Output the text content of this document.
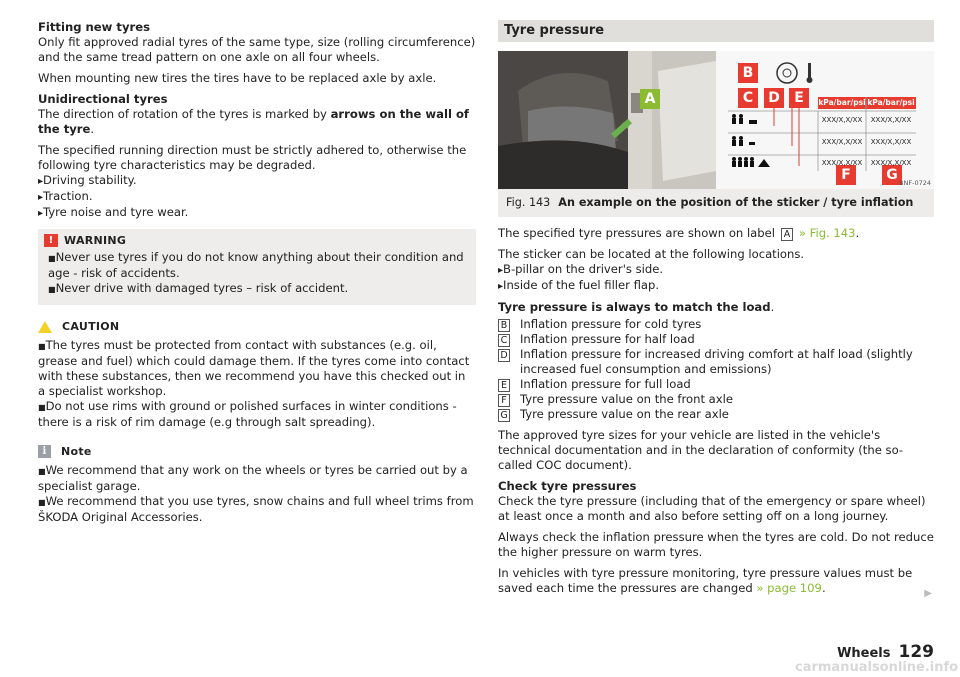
Fitting new tyres

Only fit approved radial tyres of the same type, size (rolling circumference) and the same tread pattern on one axle on all four wheels.

When mounting new tires the tires have to be replaced axle by axle.

Unidirectional tyres

The direction of rotation of the tyres is marked by arrows on the wall of the tyre.

The specified running direction must be strictly adhered to, otherwise the following tyre characteristics may be degraded.

▸ Driving stability.
▸ Traction.
▸ Tyre noise and tyre wear.
! WARNING
■ Never use tyres if you do not know anything about their condition and age - risk of accidents.
■ Never drive with damaged tyres – risk of accident.
CAUTION
■ The tyres must be protected from contact with substances (e.g. oil, grease and fuel) which could damage them. If the tyres come into contact with these substances, then we recommend you have this checked out in a specialist workshop.
■ Do not use rims with ground or polished surfaces in winter conditions - there is a risk of rim damage (e.g through salt spreading).
i	Note
■ We recommend that any work on the wheels or tyres be carried out by a specialist garage.
■ We recommend that you use tyres, snow chains and full wheel trims from ŠKODA Original Accessories.
Tyre pressure
A
B
C	D	E
F	G
kPa/bar/psi kPa/bar/psi
XXX/X,X/XX	XXX/X,X/XX
XXX/X,X/XX	XXX/X,X/XX
XXX/X,X/XX	XXX/X,X/XX
BNF-0724
Fig. 143 An example on the position of the sticker / tyre inflation

The specified tyre pressures are shown on label A » Fig. 143.

The sticker can be located at the following locations.

▸ B-pillar on the driver's side.
▸ Inside of the fuel filler flap.

Tyre pressure is always to match the load.

B Inflation pressure for cold tyres
C Inflation pressure for half load
D Inflation pressure for increased driving comfort at half load (slightly increased fuel consumption and emissions)
E Inflation pressure for full load
F Tyre pressure value on the front axle
G Tyre pressure value on the rear axle

The approved tyre sizes for your vehicle are listed in the vehicle's technical documentation and in the declaration of conformity (the so-called COC document).

Check tyre pressures

Check the tyre pressure (including that of the emergency or spare wheel) at least once a month and also before setting off on a long journey.

Always check the inflation pressure when the tyres are cold. Do not reduce the higher pressure on warm tyres.

In vehicles with tyre pressure monitoring, tyre pressure values must be saved each time the pressures are changed » page 109.	▶
Wheels 129
carmanualsonline.info
